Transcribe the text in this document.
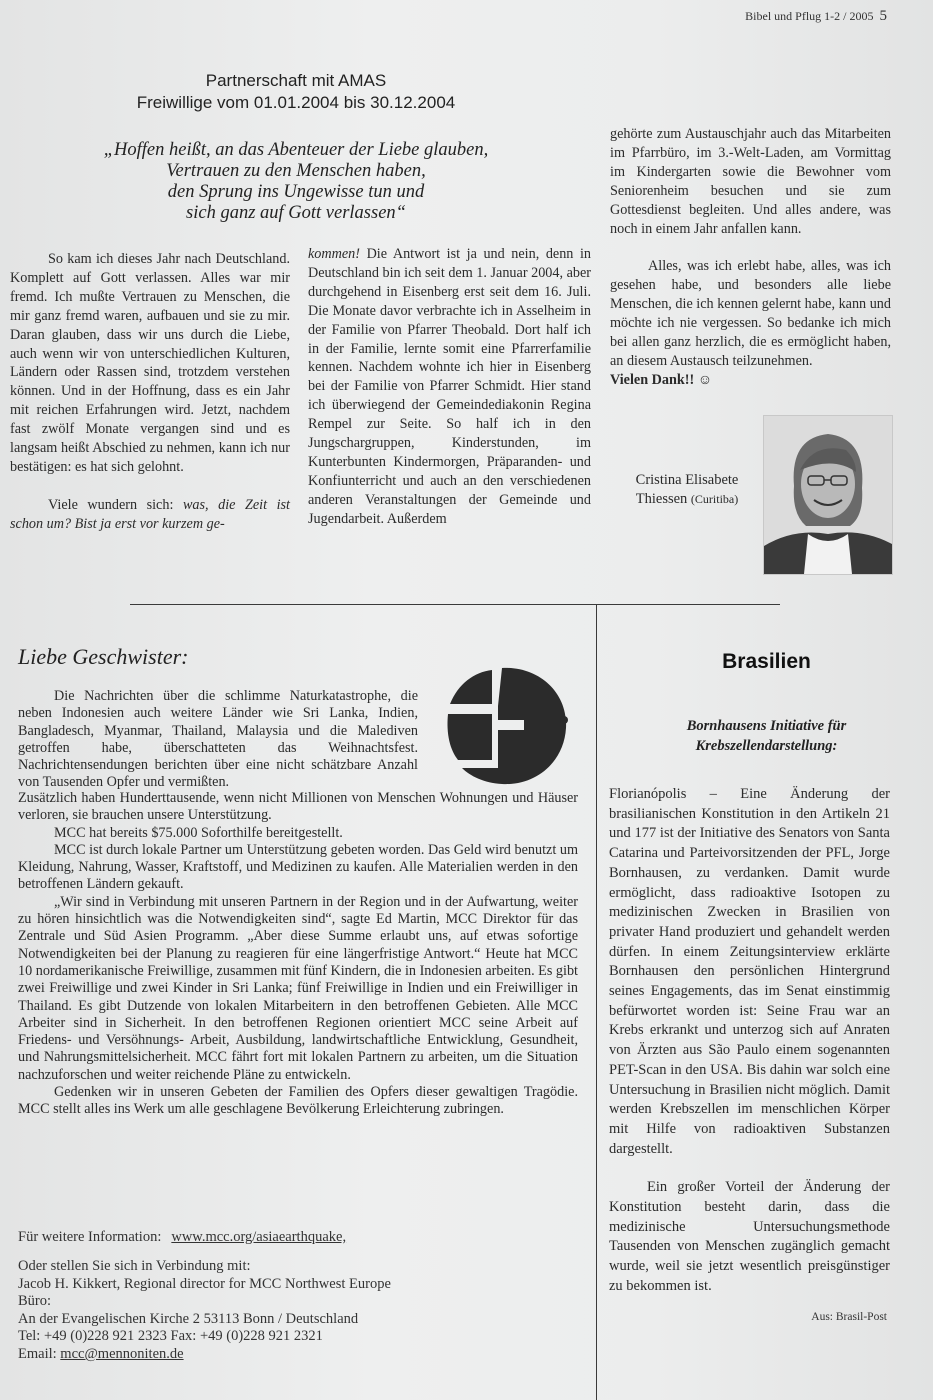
Bibel und Pflug 1-2 / 2005 5
Partnerschaft mit AMAS
Freiwillige vom 01.01.2004 bis 30.12.2004
„Hoffen heißt, an das Abenteuer der Liebe glauben,
Vertrauen zu den Menschen haben,
den Sprung ins Ungewisse tun und
sich ganz auf Gott verlassen“

So kam ich dieses Jahr nach Deutschland. Komplett auf Gott verlassen. Alles war mir fremd. Ich mußte Vertrauen zu Menschen, die mir ganz fremd waren, aufbauen und sie zu mir. Daran glauben, dass wir uns durch die Liebe, auch wenn wir von unterschiedlichen Kulturen, Ländern oder Rassen sind, trotzdem verstehen können. Und in der Hoffnung, dass es ein Jahr mit reichen Erfahrungen wird. Jetzt, nachdem fast zwölf Monate vergangen sind und es langsam heißt Abschied zu nehmen, kann ich nur bestätigen: es hat sich gelohnt.

Viele wundern sich: was, die Zeit ist schon um? Bist ja erst vor kurzem ge-

kommen! Die Antwort ist ja und nein, denn in Deutschland bin ich seit dem 1. Januar 2004, aber durchgehend in Eisenberg erst seit dem 16. Juli. Die Monate davor verbrachte ich in Asselheim in der Familie von Pfarrer Theobald. Dort half ich in der Familie, lernte somit eine Pfarrerfamilie kennen. Nachdem wohnte ich hier in Eisenberg bei der Familie von Pfarrer Schmidt. Hier stand ich überwiegend der Gemeindediakonin Regina Rempel zur Seite. So half ich in den Jungschargruppen, Kinderstunden, im Kunterbunten Kindermorgen, Präparanden- und Konfiunterricht und auch an den verschiedenen anderen Veranstaltungen der Gemeinde und Jugendarbeit. Außerdem

gehörte zum Austauschjahr auch das Mitarbeiten im Pfarrbüro, im 3.-Welt-Laden, am Vormittag im Kindergarten sowie die Bewohner vom Seniorenheim besuchen und sie zum Gottesdienst begleiten. Und alles andere, was noch in einem Jahr anfallen kann.

Alles, was ich erlebt habe, alles, was ich gesehen habe, und besonders alle liebe Menschen, die ich kennen gelernt habe, kann und möchte ich nie vergessen. So bedanke ich mich bei allen ganz herzlich, die es ermöglicht haben, an diesem Austausch teilzunehmen.

Vielen Dank!! ☺

Cristina Elisabete
Thiessen (Curitiba)
Liebe Geschwister:

Die Nachrichten über die schlimme Naturkatastrophe, die neben Indonesien auch weitere Länder wie Sri Lanka, Indien, Bangladesch, Myanmar, Thailand, Malaysia und die Malediven getroffen habe, überschatteten das Weihnachtsfest. Nachrichtensendungen berichten über eine nicht schätzbare Anzahl von Tausenden Opfer und vermißten.

Zusätzlich haben Hunderttausende, wenn nicht Millionen von Menschen Wohnungen und Häuser verloren, sie brauchen unsere Unterstützung.

MCC hat bereits $75.000 Soforthilfe bereitgestellt.

MCC ist durch lokale Partner um Unterstützung gebeten worden. Das Geld wird benutzt um Kleidung, Nahrung, Wasser, Kraftstoff, und Medizinen zu kaufen. Alle Materialien werden in den betroffenen Ländern gekauft.

„Wir sind in Verbindung mit unseren Partnern in der Region und in der Aufwartung, weiter zu hören hinsichtlich was die Notwendigkeiten sind“, sagte Ed Martin, MCC Direktor für das Zentrale und Süd Asien Programm. „Aber diese Summe erlaubt uns, auf etwas sofortige Notwendigkeiten bei der Planung zu reagieren für eine längerfristige Antwort.“ Heute hat MCC 10 nordamerikanische Freiwillige, zusammen mit fünf Kindern, die in Indonesien arbeiten. Es gibt zwei Freiwillige und zwei Kinder in Sri Lanka; fünf Freiwillige in Indien und ein Freiwilliger in Thailand. Es gibt Dutzende von lokalen Mitarbeitern in den betroffenen Gebieten. Alle MCC Arbeiter sind in Sicherheit. In den betroffenen Regionen orientiert MCC seine Arbeit auf Friedens- und Versöhnungs- Arbeit, Ausbildung, landwirtschaftliche Entwicklung, Gesundheit, und Nahrungsmittelsicherheit. MCC fährt fort mit lokalen Partnern zu arbeiten, um die Situation nachzuforschen und weiter reichende Pläne zu entwickeln.

Gedenken wir in unseren Gebeten der Familien des Opfers dieser gewaltigen Tragödie. MCC stellt alles ins Werk um alle geschlagene Bevölkerung Erleichterung zubringen.

Für weitere Information: www.mcc.org/asiaearthquake,
Oder stellen Sie sich in Verbindung mit:
Jacob H. Kikkert, Regional director for MCC Northwest Europe
Büro:
An der Evangelischen Kirche 2 53113 Bonn / Deutschland
Tel: +49 (0)228 921 2323 Fax: +49 (0)228 921 2321
Email: mcc@mennoniten.de
Brasilien
Bornhausens Initiative für
Krebszellendarstellung:

Florianópolis – Eine Änderung der brasilianischen Konstitution in den Artikeln 21 und 177 ist der Initiative des Senators von Santa Catarina und Parteivorsitzenden der PFL, Jorge Bornhausen, zu verdanken. Damit wurde ermöglicht, dass radioaktive Isotopen zu medizinischen Zwecken in Brasilien von privater Hand produziert und gehandelt werden dürfen. In einem Zeitungsinterview erklärte Bornhausen den persönlichen Hintergrund seines Engagements, das im Senat einstimmig befürwortet worden ist: Seine Frau war an Krebs erkrankt und unterzog sich auf Anraten von Ärzten aus São Paulo einem sogenannten PET-Scan in den USA. Bis dahin war solch eine Untersuchung in Brasilien nicht möglich. Damit werden Krebszellen im menschlichen Körper mit Hilfe von radioaktiven Substanzen dargestellt.

Ein großer Vorteil der Änderung der Konstitution besteht darin, dass die medizinische Untersuchungsmethode Tausenden von Menschen zugänglich gemacht wurde, weil sie jetzt wesentlich preisgünstiger zu bekommen ist.

Aus: Brasil-Post
